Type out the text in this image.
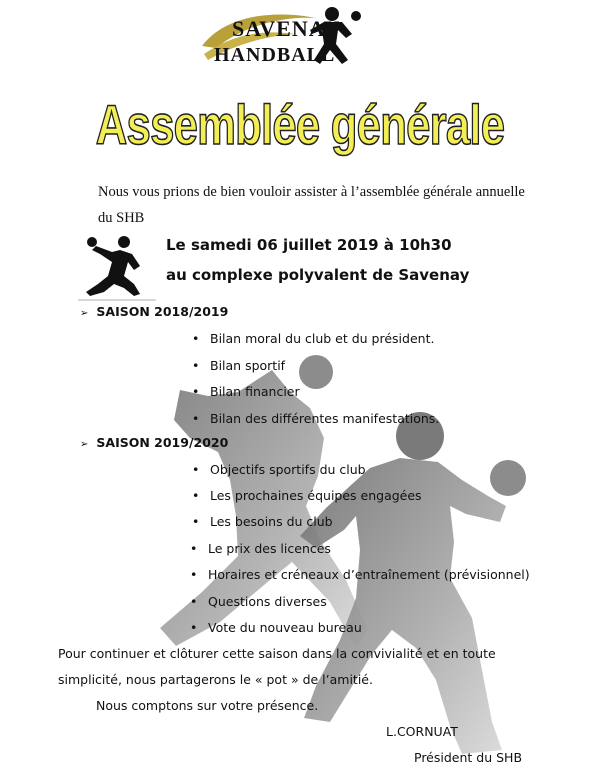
SAVENAY
HANDBALL
Assemblée générale
Nous vous prions de bien vouloir assister à l’assemblée générale annuelle
du SHB
Le samedi 06 juillet 2019 à 10h30
au complexe polyvalent de Savenay
➢ SAISON 2018/2019
• Bilan moral du club et du président.
• Bilan sportif
• Bilan financier
• Bilan des différentes manifestations.
➢ SAISON 2019/2020
• Objectifs sportifs du club
• Les prochaines équipes engagées
• Les besoins du club
• Le prix des licences
• Horaires et créneaux d’entraînement (prévisionnel)
• Questions diverses
• Vote du nouveau bureau
Pour continuer et clôturer cette saison dans la convivialité et en toute
simplicité, nous partagerons le « pot » de l’amitié.
Nous comptons sur votre présence.
L.CORNUAT
Président du SHB
